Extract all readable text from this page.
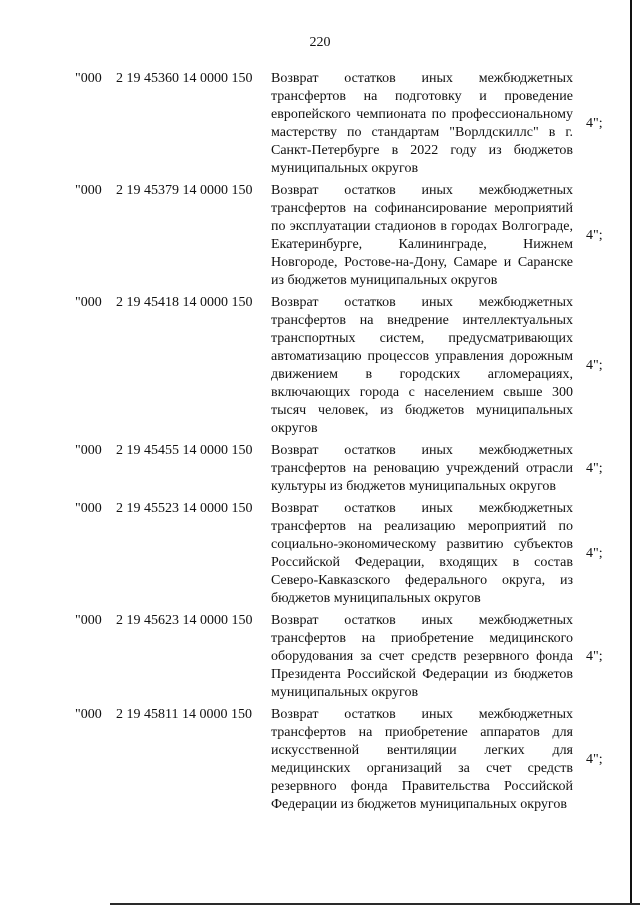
220
"000 2 19 45360 14 0000 150 Возврат остатков иных межбюджетных трансфертов на подготовку и проведение европейского чемпионата по профессиональному мастерству по стандартам "Ворлдскиллс" в г. Санкт-Петербурге в 2022 году из бюджетов муниципальных округов
4";
"000 2 19 45379 14 0000 150 Возврат остатков иных межбюджетных трансфертов на софинансирование мероприятий по эксплуатации стадионов в городах Волгограде, Екатеринбурге, Калининграде, Нижнем Новгороде, Ростове-на-Дону, Самаре и Саранске из бюджетов муниципальных округов
4";
"000 2 19 45418 14 0000 150 Возврат остатков иных межбюджетных трансфертов на внедрение интеллектуальных транспортных систем, предусматривающих автоматизацию процессов управления дорожным движением в городских агломерациях, включающих города с населением свыше 300 тысяч человек, из бюджетов муниципальных округов
4";
"000 2 19 45455 14 0000 150 Возврат остатков иных межбюджетных трансфертов на реновацию учреждений отрасли культуры из бюджетов муниципальных округов
4";
"000 2 19 45523 14 0000 150 Возврат остатков иных межбюджетных трансфертов на реализацию мероприятий по социально-экономическому развитию субъектов Российской Федерации, входящих в состав Северо-Кавказского федерального округа, из бюджетов муниципальных округов
4";
"000 2 19 45623 14 0000 150 Возврат остатков иных межбюджетных трансфертов на приобретение медицинского оборудования за счет средств резервного фонда Президента Российской Федерации из бюджетов муниципальных округов
4";
"000 2 19 45811 14 0000 150 Возврат остатков иных межбюджетных трансфертов на приобретение аппаратов для искусственной вентиляции легких для медицинских организаций за счет средств резервного фонда Правительства Российской Федерации из бюджетов муниципальных округов
4";
